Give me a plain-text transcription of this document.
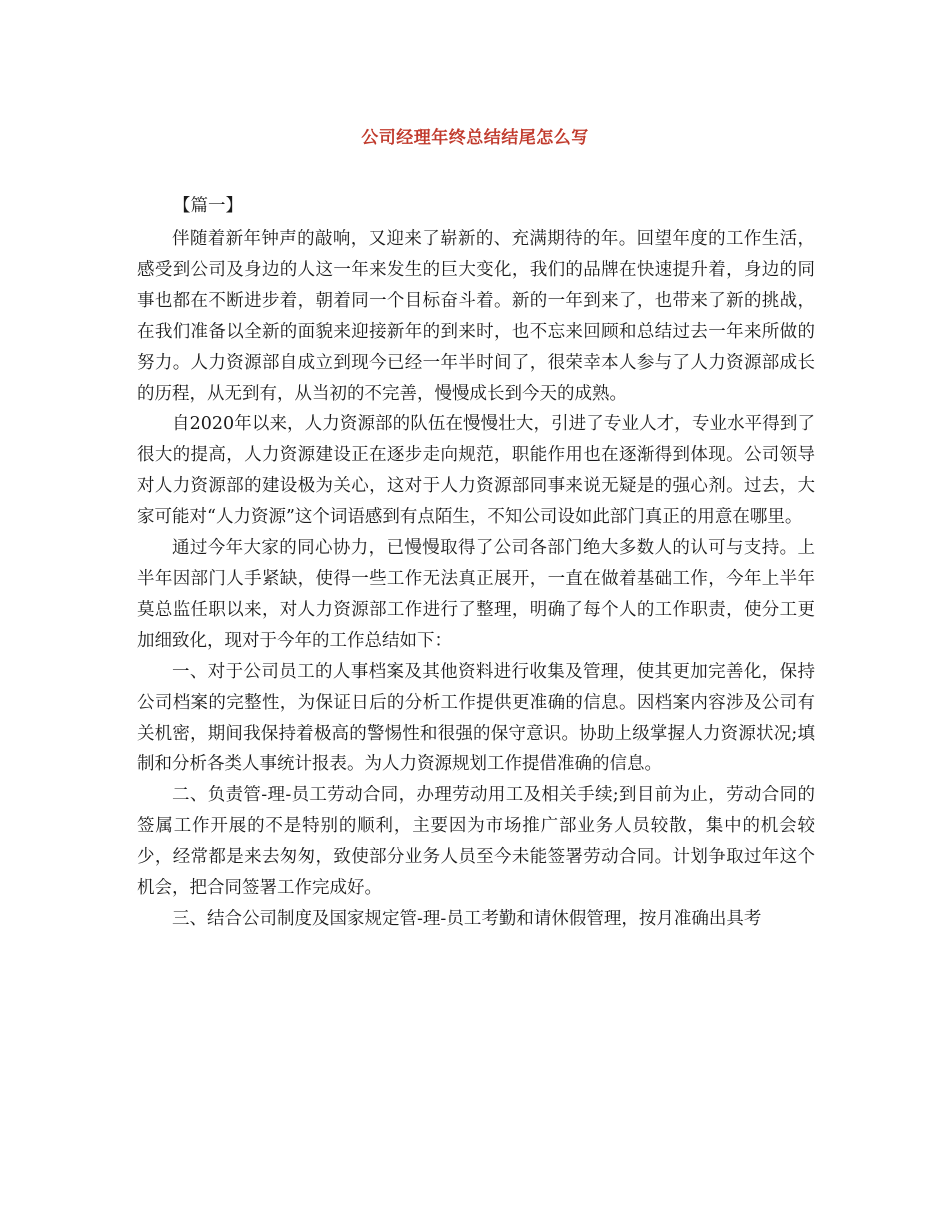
公司经理年终总结结尾怎么写
【篇一】

伴随着新年钟声的敲响，又迎来了崭新的、充满期待的年。回望年度的工作生活，感受到公司及身边的人这一年来发生的巨大变化，我们的品牌在快速提升着，身边的同事也都在不断进步着，朝着同一个目标奋斗着。新的一年到来了，也带来了新的挑战，在我们准备以全新的面貌来迎接新年的到来时，也不忘来回顾和总结过去一年来所做的努力。人力资源部自成立到现今已经一年半时间了，很荣幸本人参与了人力资源部成长的历程，从无到有，从当初的不完善，慢慢成长到今天的成熟。

自2020年以来，人力资源部的队伍在慢慢壮大，引进了专业人才，专业水平得到了很大的提高，人力资源建设正在逐步走向规范，职能作用也在逐渐得到体现。公司领导对人力资源部的建设极为关心，这对于人力资源部同事来说无疑是的强心剂。过去，大家可能对“人力资源”这个词语感到有点陌生，不知公司设如此部门真正的用意在哪里。

通过今年大家的同心协力，已慢慢取得了公司各部门绝大多数人的认可与支持。上半年因部门人手紧缺，使得一些工作无法真正展开，一直在做着基础工作，今年上半年莫总监任职以来，对人力资源部工作进行了整理，明确了每个人的工作职责，使分工更加细致化，现对于今年的工作总结如下：

一、对于公司员工的人事档案及其他资料进行收集及管理，使其更加完善化，保持公司档案的完整性，为保证日后的分析工作提供更准确的信息。因档案内容涉及公司有关机密，期间我保持着极高的警惕性和很强的保守意识。协助上级掌握人力资源状况;填制和分析各类人事统计报表。为人力资源规划工作提借准确的信息。

二、负责管-理-员工劳动合同，办理劳动用工及相关手续;到目前为止，劳动合同的签属工作开展的不是特别的顺利，主要因为市场推广部业务人员较散，集中的机会较少，经常都是来去匆匆，致使部分业务人员至今未能签署劳动合同。计划争取过年这个机会，把合同签署工作完成好。

三、结合公司制度及国家规定管-理-员工考勤和请休假管理，按月准确出具考
